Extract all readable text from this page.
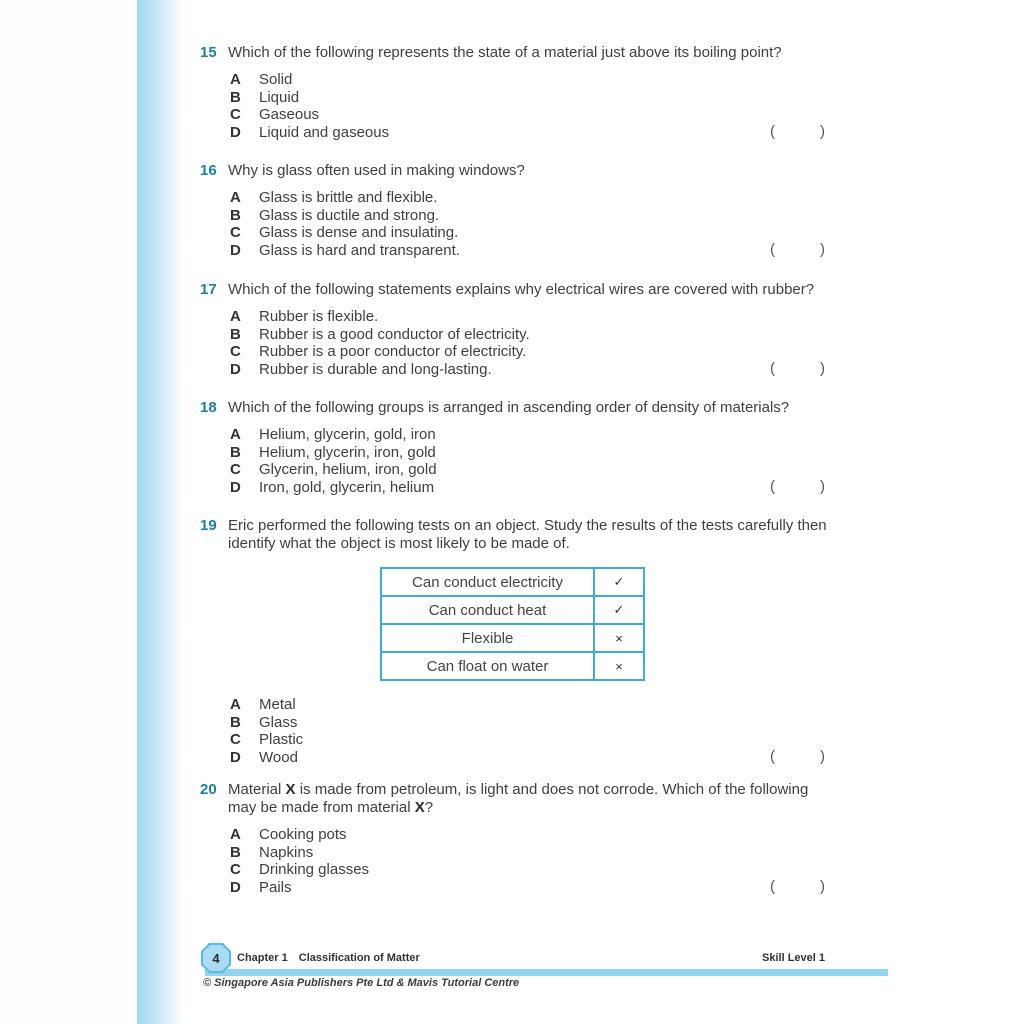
15 Which of the following represents the state of a material just above its boiling point?
A	Solid
B	Liquid
C	Gaseous
D	Liquid and gaseous	(	)
16 Why is glass often used in making windows?
A	Glass is brittle and flexible.
B	Glass is ductile and strong.
C	Glass is dense and insulating.
D	Glass is hard and transparent.	(	)
17 Which of the following statements explains why electrical wires are covered with rubber?
A	Rubber is flexible.
B	Rubber is a good conductor of electricity.
C	Rubber is a poor conductor of electricity.
D	Rubber is durable and long-lasting.	(	)
18 Which of the following groups is arranged in ascending order of density of materials?
A	Helium, glycerin, gold, iron
B	Helium, glycerin, iron, gold
C	Glycerin, helium, iron, gold
D	Iron, gold, glycerin, helium	(	)
19 Eric performed the following tests on an object. Study the results of the tests carefully then identify what the object is most likely to be made of.
Can conduct electricity	✓
Can conduct heat	✓
Flexible	×
Can float on water	×
A	Metal
B	Glass
C	Plastic
D	Wood	(	)
20 Material X is made from petroleum, is light and does not corrode. Which of the following may be made from material X?
A	Cooking pots
B	Napkins
C	Drinking glasses
D	Pails	(	)
4 Chapter 1 Classification of Matter	Skill Level 1
© Singapore Asia Publishers Pte Ltd & Mavis Tutorial Centre
